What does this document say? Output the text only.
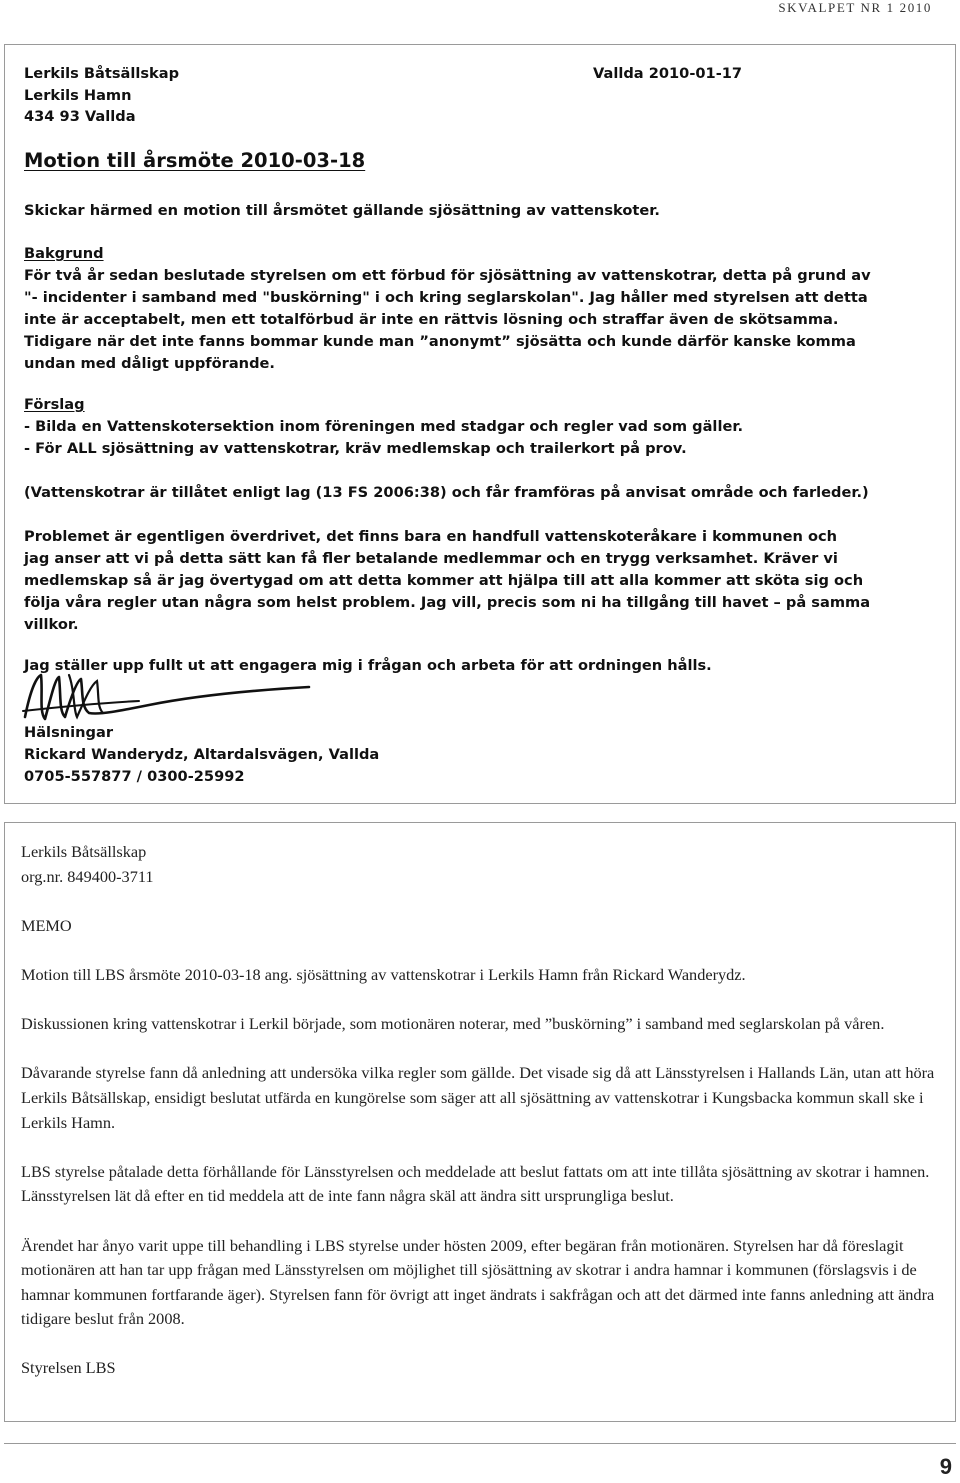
SKVALPET NR 1 2010
Lerkils Båtsällskap
Lerkils Hamn
434 93 Vallda
Vallda 2010-01-17
Motion till årsmöte 2010-03-18
Skickar härmed en motion till årsmötet gällande sjösättning av vattenskoter.
Bakgrund
För två år sedan beslutade styrelsen om ett förbud för sjösättning av vattenskotrar, detta på grund av
"- incidenter i samband med "buskörning" i och kring seglarskolan". Jag håller med styrelsen att detta
inte är acceptabelt, men ett totalförbud är inte en rättvis lösning och straffar även de skötsamma.
Tidigare när det inte fanns bommar kunde man ”anonymt” sjösätta och kunde därför kanske komma
undan med dåligt uppförande.
Förslag
- Bilda en Vattenskotersektion inom föreningen med stadgar och regler vad som gäller.
- För ALL sjösättning av vattenskotrar, kräv medlemskap och trailerkort på prov.
(Vattenskotrar är tillåtet enligt lag (13 FS 2006:38) och får framföras på anvisat område och farleder.)
Problemet är egentligen överdrivet, det finns bara en handfull vattenskoteråkare i kommunen och
jag anser att vi på detta sätt kan få fler betalande medlemmar och en trygg verksamhet. Kräver vi
medlemskap så är jag övertygad om att detta kommer att hjälpa till att alla kommer att sköta sig och
följa våra regler utan några som helst problem. Jag vill, precis som ni ha tillgång till havet – på samma
villkor.
Jag ställer upp fullt ut att engagera mig i frågan och arbeta för att ordningen hålls.
Hälsningar
Rickard Wanderydz, Altardalsvägen, Vallda
0705-557877 / 0300-25992

Lerkils Båtsällskap

org.nr. 849400-3711

MEMO

Motion till LBS årsmöte 2010-03-18 ang. sjösättning av vattenskotrar i Lerkils Hamn från Rickard Wanderydz.

Diskussionen kring vattenskotrar i Lerkil började, som motionären noterar, med ”buskörning” i samband med seglarskolan på våren.

Dåvarande styrelse fann då anledning att undersöka vilka regler som gällde. Det visade sig då att Länsstyrelsen i Hallands Län, utan att höra Lerkils Båtsällskap, ensidigt beslutat utfärda en kungörelse som säger att all sjösättning av vattenskotrar i Kungsbacka kommun skall ske i Lerkils Hamn.

LBS styrelse påtalade detta förhållande för Länsstyrelsen och meddelade att beslut fattats om att inte tillåta sjösättning av skotrar i hamnen. Länsstyrelsen lät då efter en tid meddela att de inte fann några skäl att ändra sitt ursprungliga beslut.

Ärendet har ånyo varit uppe till behandling i LBS styrelse under hösten 2009, efter begäran från motionären. Styrelsen har då föreslagit motionären att han tar upp frågan med Länsstyrelsen om möjlighet till sjösättning av skotrar i andra hamnar i kommunen (förslagsvis i de hamnar kommunen fortfarande äger). Styrelsen fann för övrigt att inget ändrats i sakfrågan och att det därmed inte fanns anledning att ändra tidigare beslut från 2008.

Styrelsen LBS

9
